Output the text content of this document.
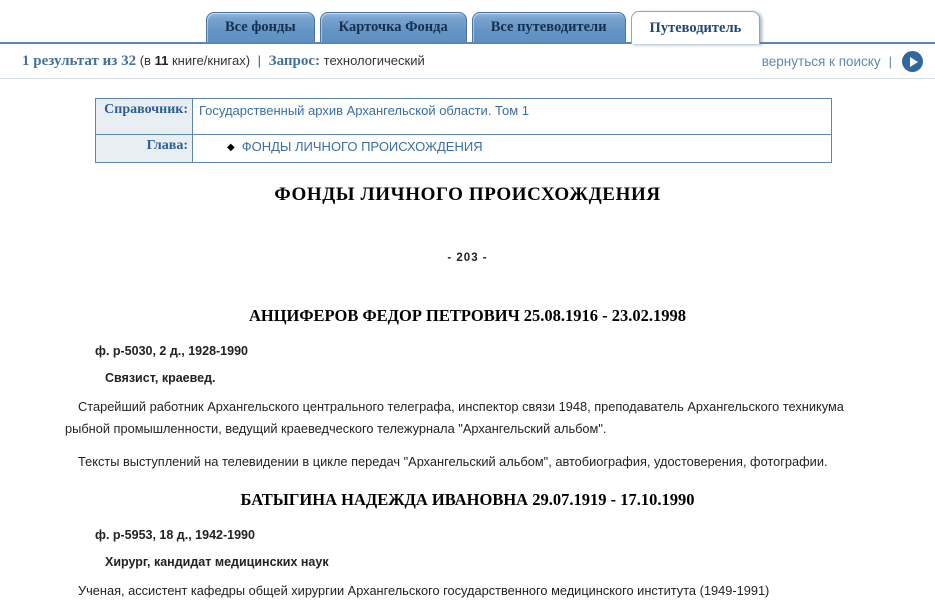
Все фонды	Карточка Фонда	Все путеводители	Путеводитель
1 результат из 32 (в 11 книге/книгах) | Запрос: технологический	вернуться к поиску |
Справочник:	Государственный архив Архангельской области. Том 1
Глава:	◆ ФОНДЫ ЛИЧНОГО ПРОИСХОЖДЕНИЯ
ФОНДЫ ЛИЧНОГО ПРОИСХОЖДЕНИЯ
- 203 -
АНЦИФЕРОВ ФЕДОР ПЕТРОВИЧ 25.08.1916 - 23.02.1998
ф. р-5030, 2 д., 1928-1990
Связист, краевед.

Старейший работник Архангельского центрального телеграфа, инспектор связи 1948, преподаватель Архангельского техникума рыбной промышленности, ведущий краеведческого тележурнала "Архангельский альбом".

Тексты выступлений на телевидении в цикле передач "Архангельский альбом", автобиография, удостоверения, фотографии.

БАТЫГИНА НАДЕЖДА ИВАНОВНА 29.07.1919 - 17.10.1990
ф. р-5953, 18 д., 1942-1990
Хирург, кандидат медицинских наук

Ученая, ассистент кафедры общей хирургии Архангельского государственного медицинского института (1949-1991)
